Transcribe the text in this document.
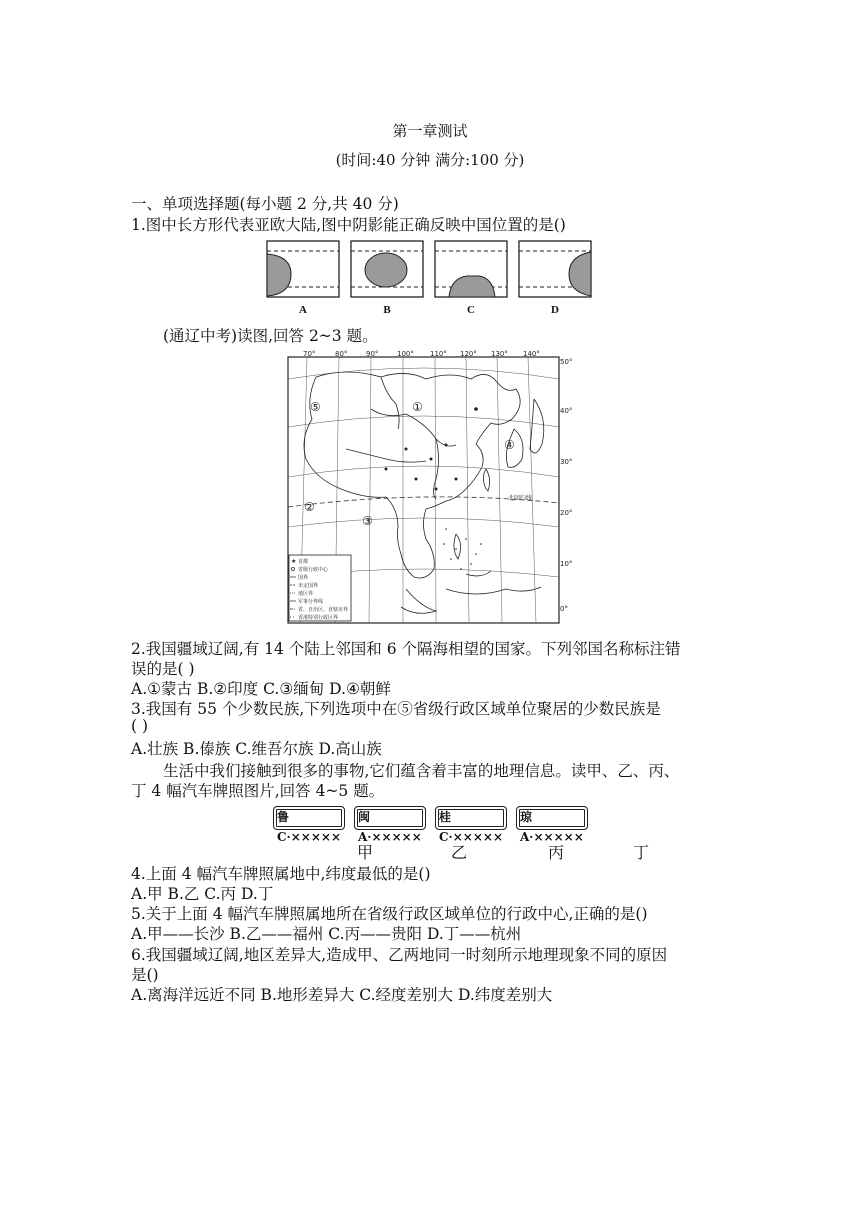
第一章测试
(时间:40 分钟 满分:100 分)
一、单项选择题(每小题 2 分,共 40 分)
1.图中长方形代表亚欧大陆,图中阴影能正确反映中国位置的是()
A	B	C	D
(通辽中考)读图,回答 2~3 题。
70°	80°	90°	100° 110° 120° 130° 140°
50°
40°
30°
20°
10°
0°
北回归线
⑤	①
④
②
③
首都
省级行政中心
国界
未定国界
地区界
军事分界线
省、自治区、直辖市界
香港特别行政区界
★
2.我国疆域辽阔,有 14 个陆上邻国和 6 个隔海相望的国家。下列邻国名称标注错
误的是( )
A.①蒙古 B.②印度 C.③缅甸 D.④朝鲜
3.我国有 55 个少数民族,下列选项中在⑤省级行政区域单位聚居的少数民族是
( )
A.壮族 B.傣族 C.维吾尔族 D.高山族
生活中我们接触到很多的事物,它们蕴含着丰富的地理信息。读甲、乙、丙、
丁 4 幅汽车牌照图片,回答 4~5 题。
鲁C·×××××
闽A·×××××
桂C·×××××
琼A·×××××
甲	乙	丙	丁
4.上面 4 幅汽车牌照属地中,纬度最低的是()
A.甲 B.乙 C.丙 D.丁
5.关于上面 4 幅汽车牌照属地所在省级行政区域单位的行政中心,正确的是()
A.甲——长沙 B.乙——福州 C.丙——贵阳 D.丁——杭州
6.我国疆域辽阔,地区差异大,造成甲、乙两地同一时刻所示地理现象不同的原因
是()
A.离海洋远近不同 B.地形差异大 C.经度差别大 D.纬度差别大
